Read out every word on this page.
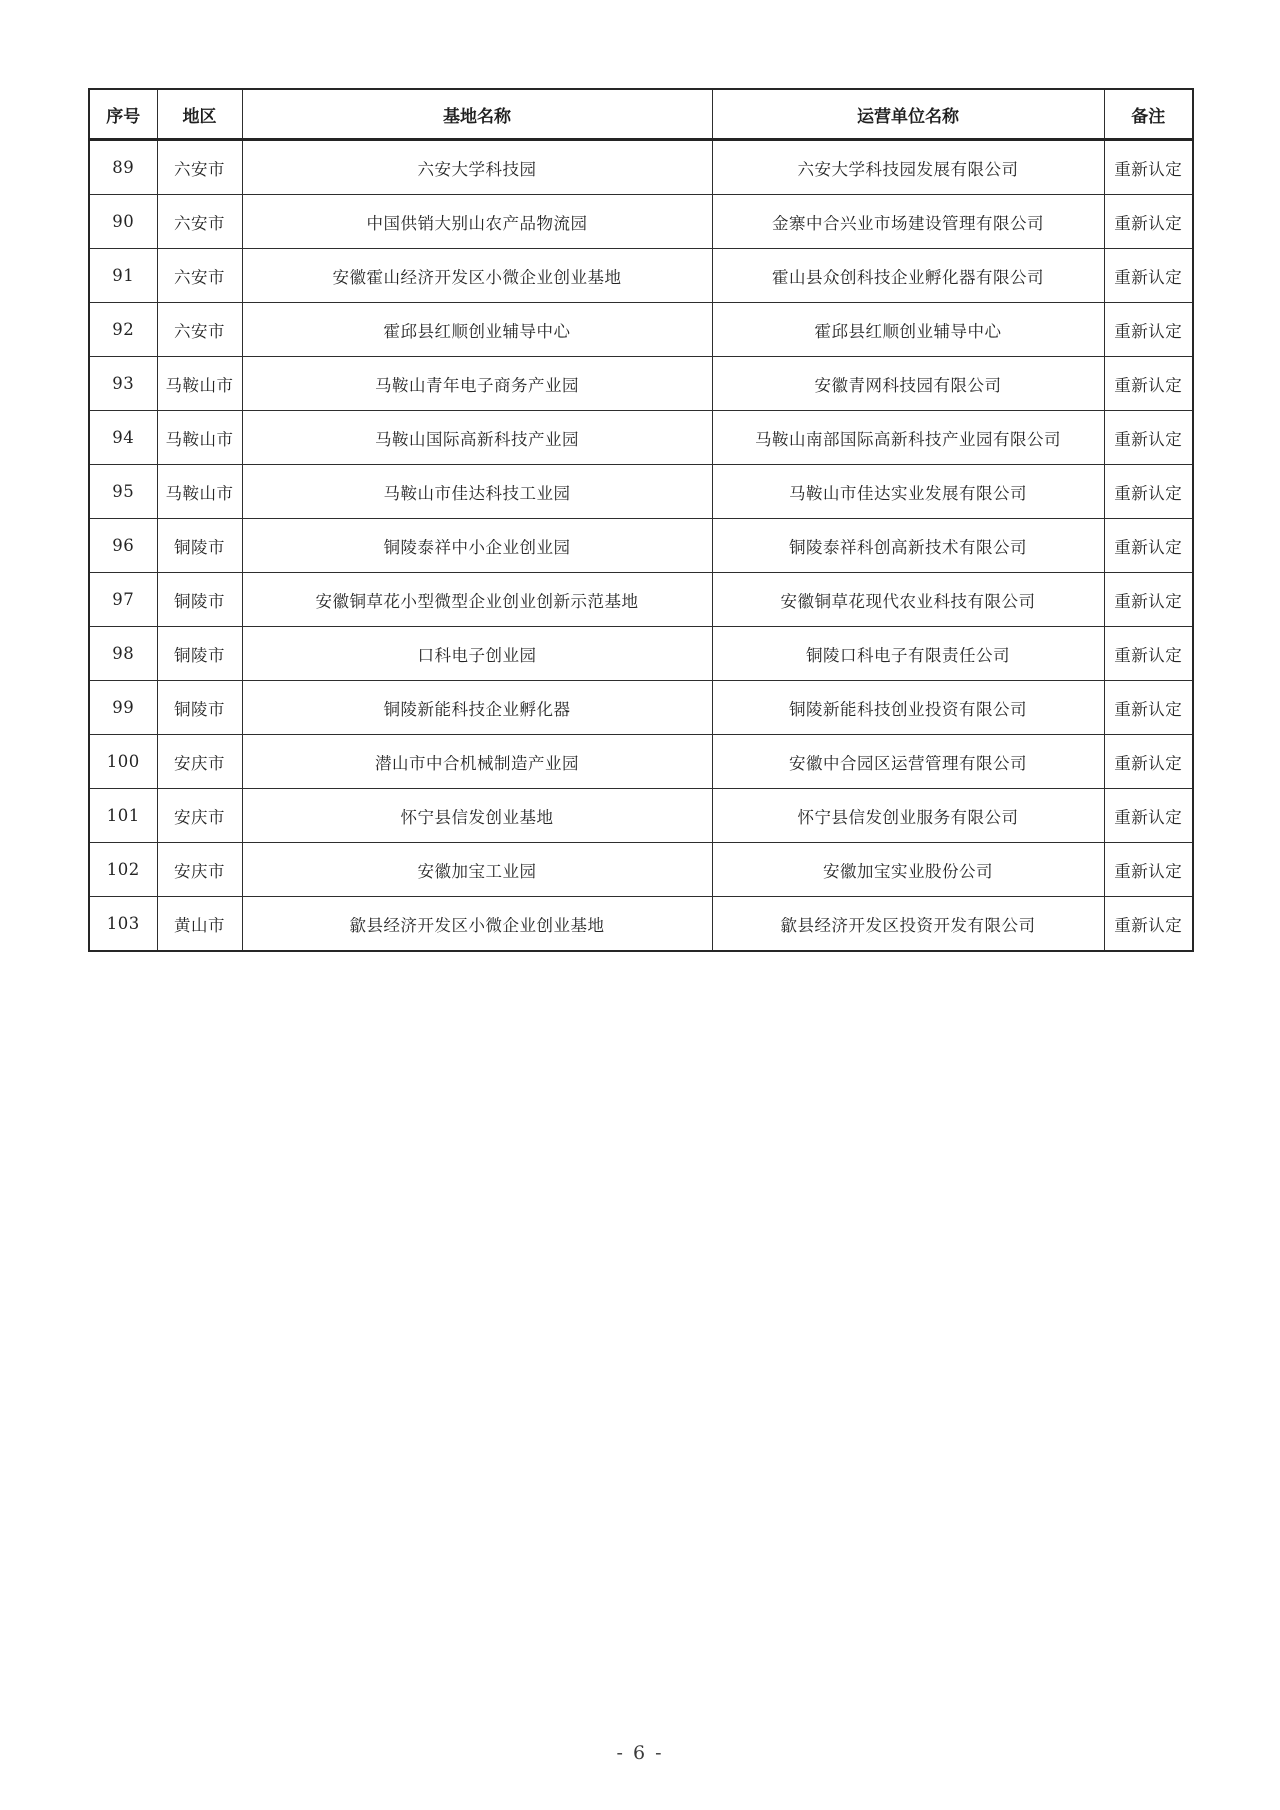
序号	地区	基地名称	运营单位名称	备注
89	六安市	六安大学科技园	六安大学科技园发展有限公司	重新认定
90	六安市	中国供销大别山农产品物流园	金寨中合兴业市场建设管理有限公司	重新认定
91	六安市	安徽霍山经济开发区小微企业创业基地	霍山县众创科技企业孵化器有限公司	重新认定
92	六安市	霍邱县红顺创业辅导中心	霍邱县红顺创业辅导中心	重新认定
93	马鞍山市	马鞍山青年电子商务产业园	安徽青网科技园有限公司	重新认定
94	马鞍山市	马鞍山国际高新科技产业园	马鞍山南部国际高新科技产业园有限公司	重新认定
95	马鞍山市	马鞍山市佳达科技工业园	马鞍山市佳达实业发展有限公司	重新认定
96	铜陵市	铜陵泰祥中小企业创业园	铜陵泰祥科创高新技术有限公司	重新认定
97	铜陵市	安徽铜草花小型微型企业创业创新示范基地	安徽铜草花现代农业科技有限公司	重新认定
98	铜陵市	口科电子创业园	铜陵口科电子有限责任公司	重新认定
99	铜陵市	铜陵新能科技企业孵化器	铜陵新能科技创业投资有限公司	重新认定
100	安庆市	潜山市中合机械制造产业园	安徽中合园区运营管理有限公司	重新认定
101	安庆市	怀宁县信发创业基地	怀宁县信发创业服务有限公司	重新认定
102	安庆市	安徽加宝工业园	安徽加宝实业股份公司	重新认定
103	黄山市	歙县经济开发区小微企业创业基地	歙县经济开发区投资开发有限公司	重新认定
- 6 -
